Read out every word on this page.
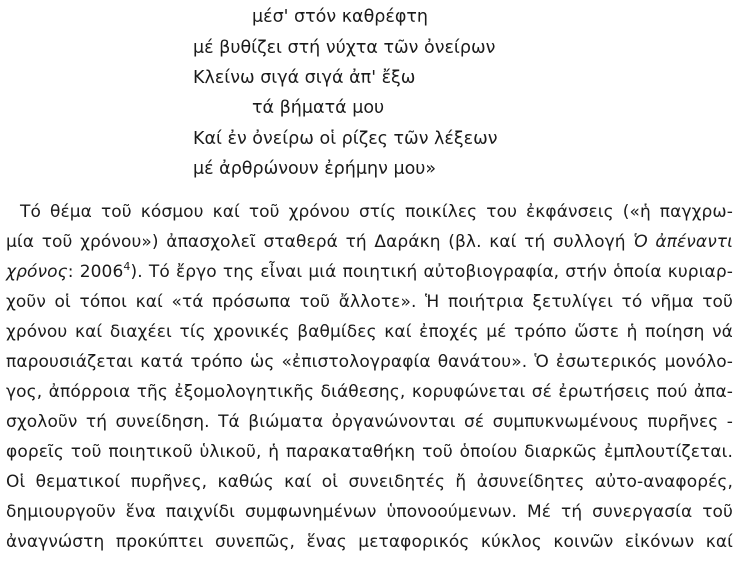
μέσ' στόν καθρέφτη
μέ βυθίζει στή νύχτα τῶν ὀνείρων
Κλείνω σιγά σιγά ἀπ' ἔξω
τά βήματά μου
Καί ἐν ὀνείρω οἱ ρίζες τῶν λέξεων
μέ ἀρθρώνουν ἐρήμην μου»
Τό θέμα τοῦ κόσμου καί τοῦ χρόνου στίς ποικίλες του ἐκφάνσεις («ἡ παγχρω-
μία τοῦ χρόνου») ἀπασχολεῖ σταθερά τή Δαράκη (βλ. καί τή συλλογή Ὁ ἀπέναντι
χρόνος: 2006$^4$). Τό ἔργο της εἶναι μιά ποιητική αὐτοβιογραφία, στήν ὁποία κυριαρ-
χοῦν οἱ τόποι καί «τά πρόσωπα τοῦ ἄλλοτε». Ἡ ποιήτρια ξετυλίγει τό νῆμα τοῦ
χρόνου καί διαχέει τίς χρονικές βαθμίδες καί ἐποχές μέ τρόπο ὥστε ἡ ποίηση νά
παρουσιάζεται κατά τρόπο ὡς «ἐπιστολογραφία θανάτου». Ὁ ἐσωτερικός μονόλο-
γος, ἀπόρροια τῆς ἐξομολογητικῆς διάθεσης, κορυφώνεται σέ ἐρωτήσεις πού ἀπα-
σχολοῦν τή συνείδηση. Τά βιώματα ὀργανώνονται σέ συμπυκνωμένους πυρῆνες -
φορεῖς τοῦ ποιητικοῦ ὑλικοῦ, ἡ παρακαταθήκη τοῦ ὁποίου διαρκῶς ἐμπλουτίζεται.
Οἱ θεματικοί πυρῆνες, καθώς καί οἱ συνειδητές ἤ ἀσυνείδητες αὐτο-αναφορές,
δημιουργοῦν ἕνα παιχνίδι συμφωνημένων ὑπονοούμενων. Μέ τή συνεργασία τοῦ
ἀναγνώστη προκύπτει συνεπῶς, ἕνας μεταφορικός κύκλος κοινῶν εἰκόνων καί
